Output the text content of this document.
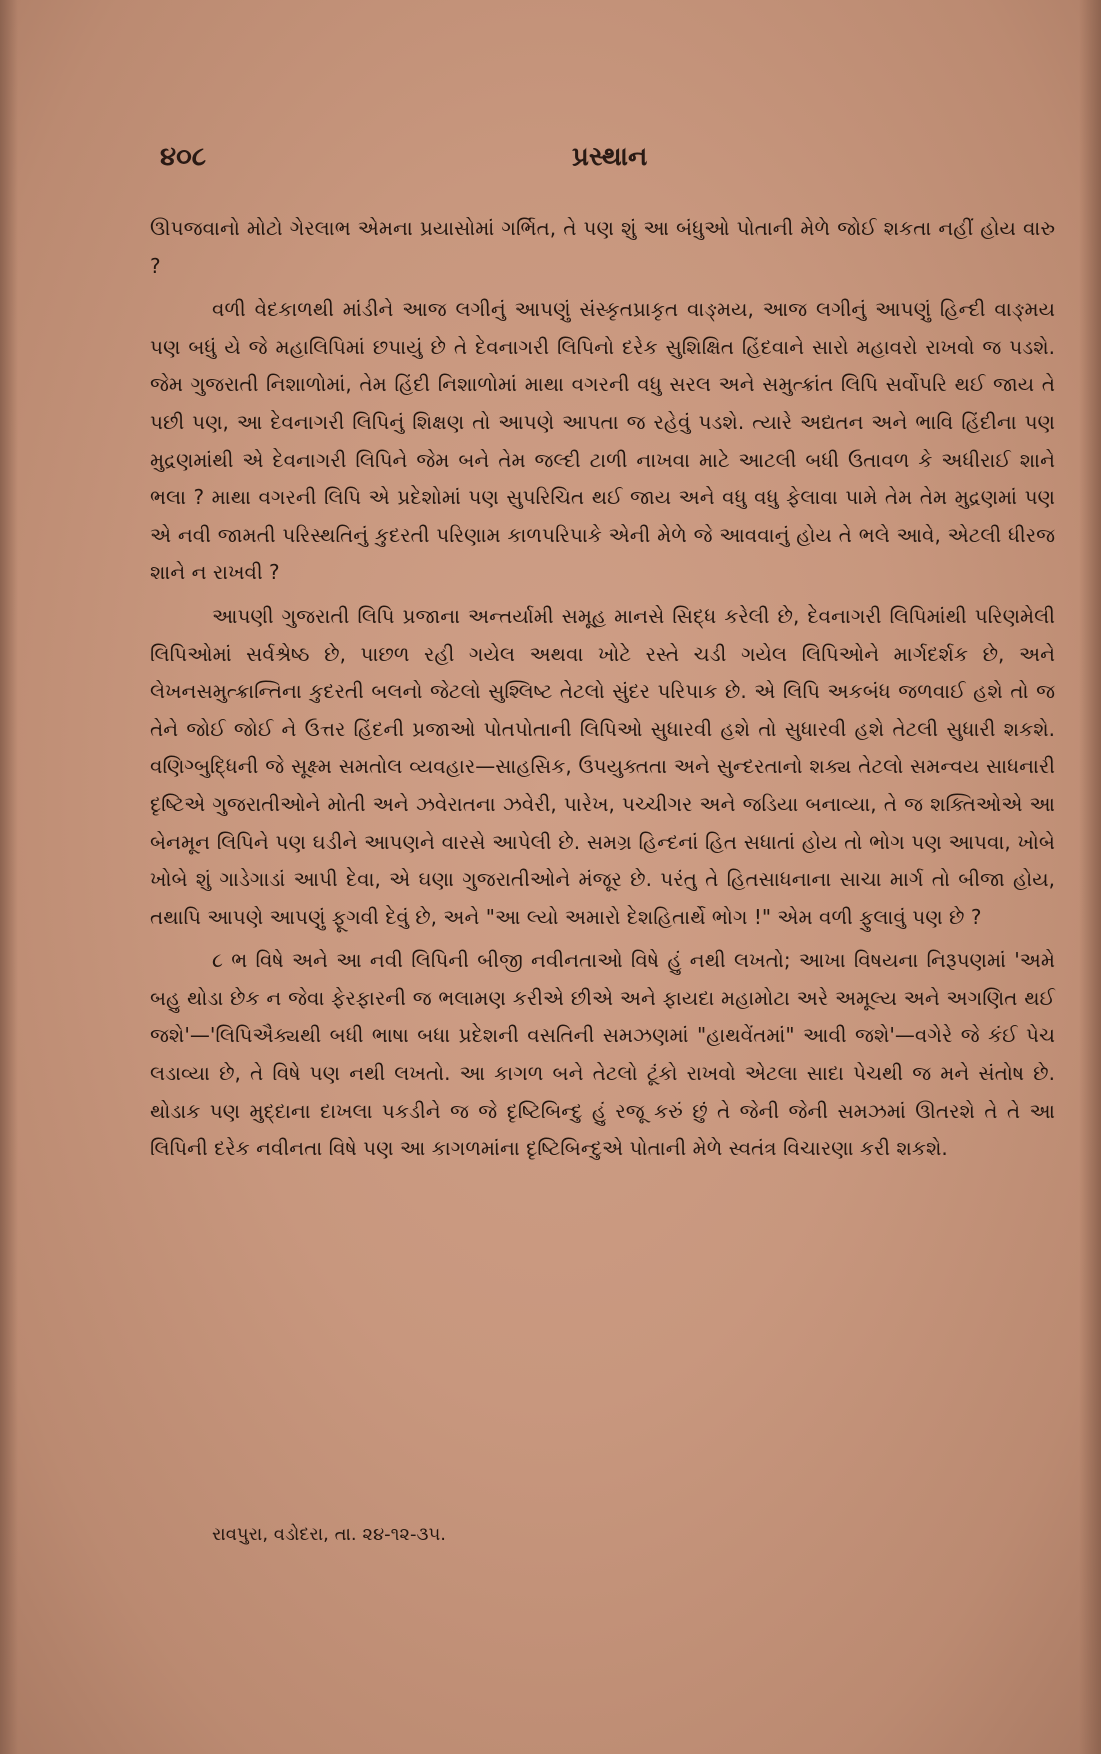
૪૦૮	પ્રસ્થાન

ઊપજવાનો મોટો ગેરલાભ એમના પ્રયાસોમાં ગર્ભિત, તે પણ શું આ બંધુઓ પોતાની મેળે જોઈ શકતા નહીં હોય વારુ ?

વળી વેદકાળથી માંડીને આજ લગીનું આપણું સંસ્કૃતપ્રાકૃત વાઙ્મય, આજ લગીનું આપણું હિન્દી વાઙ્મય પણ બધું યે જે મહાલિપિમાં છપાયું છે તે દેવનાગરી લિપિનો દરેક સુશિક્ષિત હિંદવાને સારો મહાવરો રાખવો જ પડશે. જેમ ગુજરાતી નિશાળોમાં, તેમ હિંદી નિશાળોમાં માથા વગરની વધુ સરલ અને સમુત્ક્રાંત લિપિ સર્વોપરિ થઈ જાય તે પછી પણ, આ દેવનાગરી લિપિનું શિક્ષણ તો આપણે આપતા જ રહેવું પડશે. ત્યારે અદ્યતન અને ભાવિ હિંદીના પણ મુદ્રણમાંથી એ દેવનાગરી લિપિને જેમ બને તેમ જલ્દી ટાળી નાખવા માટે આટલી બધી ઉતાવળ કે અધીરાઈ શાને ભલા ? માથા વગરની લિપિ એ પ્રદેશોમાં પણ સુપરિચિત થઈ જાય અને વધુ વધુ ફેલાવા પામે તેમ તેમ મુદ્રણમાં પણ એ નવી જામતી પરિસ્થતિનું કુદરતી પરિણામ કાળપરિપાકે એની મેળે જે આવવાનું હોય તે ભલે આવે, એટલી ધીરજ શાને ન રાખવી ?

આપણી ગુજરાતી લિપિ પ્રજાના અન્તર્યામી સમૂહ માનસે સિદ્ધ કરેલી છે, દેવનાગરી લિપિમાંથી પરિણમેલી લિપિઓમાં સર્વશ્રેષ્ઠ છે, પાછળ રહી ગયેલ અથવા ખોટે રસ્તે ચડી ગયેલ લિપિઓને માર્ગદર્શક છે, અને લેખનસમુત્ક્રાન્તિના કુદરતી બલનો જેટલો સુશ્લિષ્ટ તેટલો સુંદર પરિપાક છે. એ લિપિ અકબંધ જળવાઈ હશે તો જ તેને જોઈ જોઈ ને ઉત્તર હિંદની પ્રજાઓ પોતપોતાની લિપિઓ સુધારવી હશે તો સુધારવી હશે તેટલી સુધારી શકશે. વણિગ્બુદ્ધિની જે સૂક્ષ્મ સમતોલ વ્યવહાર—સાહસિક, ઉપયુક્તતા અને સુન્દરતાનો શક્ય તેટલો સમન્વય સાધનારી દૃષ્ટિએ ગુજરાતીઓને મોતી અને ઝવેરાતના ઝવેરી, પારેખ, પચ્ચીગર અને જડિયા બનાવ્યા, તે જ શક્તિઓએ આ બેનમૂન લિપિને પણ ઘડીને આપણને વારસે આપેલી છે. સમગ્ર હિન્દનાં હિત સધાતાં હોય તો ભોગ પણ આપવા, ખોબે ખોબે શું ગાડેગાડાં આપી દેવા, એ ઘણા ગુજરાતીઓને મંજૂર છે. પરંતુ તે હિતસાધનાના સાચા માર્ગ તો બીજા હોય, તથાપિ આપણે આપણું ફૂગવી દેવું છે, અને "આ લ્યો અમારો દેશહિતાર્થે ભોગ !" એમ વળી ફુલાવું પણ છે ?

૮ ભ વિષે અને આ નવી લિપિની બીજી નવીનતાઓ વિષે હું નથી લખતો; આખા વિષયના નિરૂપણમાં 'અમે બહુ થોડા છેક ન જેવા ફેરફારની જ ભલામણ કરીએ છીએ અને ફાયદા મહામોટા અરે અમૂલ્ય અને અગણિત થઈ જશે'—'લિપિઐક્યથી બધી ભાષા બધા પ્રદેશની વસતિની સમઝણમાં "હાથવેંતમાં" આવી જશે'—વગેરે જે કંઈ પેચ લડાવ્યા છે, તે વિષે પણ નથી લખતો. આ કાગળ બને તેટલો ટૂંકો રાખવો એટલા સાદા પેચથી જ મને સંતોષ છે. થોડાક પણ મુદ્દાના દાખલા પકડીને જ જે દૃષ્ટિબિન્દુ હું રજૂ કરું છું તે જેની જેની સમઝમાં ઊતરશે તે તે આ લિપિની દરેક નવીનતા વિષે પણ આ કાગળમાંના દૃષ્ટિબિન્દુએ પોતાની મેળે સ્વતંત્ર વિચારણા કરી શકશે.

રાવપુરા, વડોદરા, તા. ૨૪-૧૨-૩૫.
